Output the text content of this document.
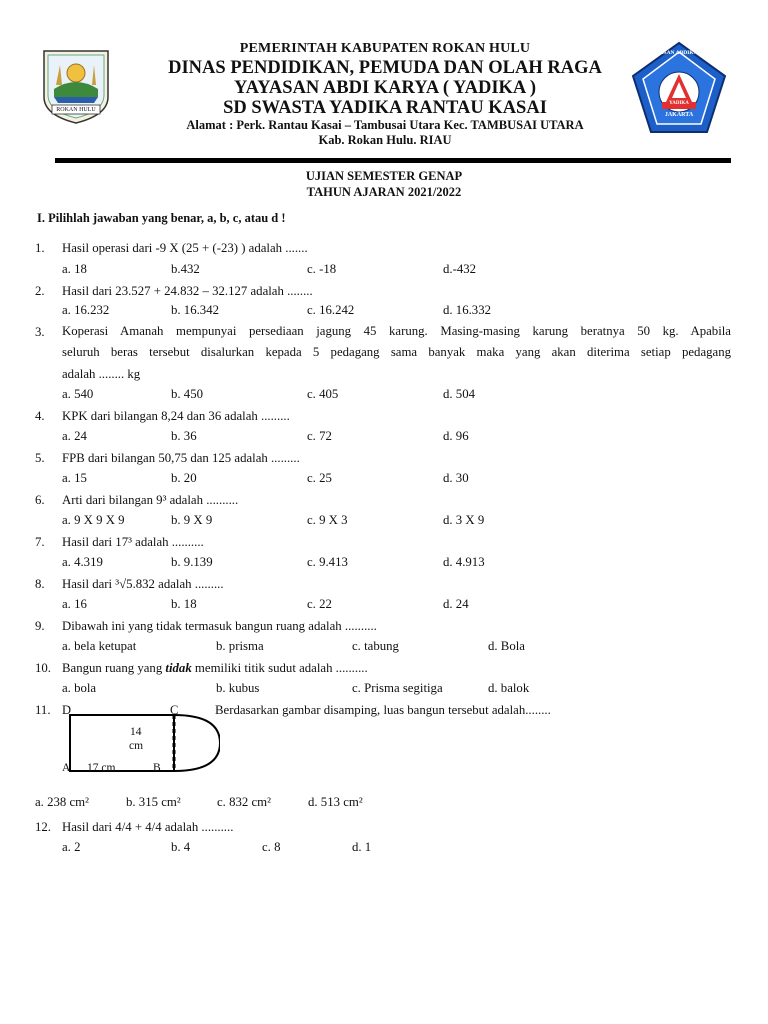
ROKAN HULU
YAYASAN ABDIKARYA
YADIKA
JAKARTA
PEMERINTAH KABUPATEN ROKAN HULU
DINAS PENDIDIKAN, PEMUDA DAN OLAH RAGA
YAYASAN ABDI KARYA ( YADIKA )
SD SWASTA YADIKA RANTAU KASAI
Alamat : Perk. Rantau Kasai – Tambusai Utara Kec. TAMBUSAI UTARA
Kab. Rokan Hulu. RIAU
UJIAN SEMESTER GENAP
TAHUN AJARAN 2021/2022
I. Pilihlah jawaban yang benar, a, b, c, atau d !
1. Hasil operasi dari -9 X (25 + (-23) ) adalah .......
a. 18	b.432	c. -18	d.-432
2. Hasil dari 23.527 + 24.832 – 32.127 adalah ........
a. 16.232	b. 16.342	c. 16.242	d. 16.332
3. Koperasi Amanah mempunyai persediaan jagung 45 karung. Masing-masing karung beratnya 50 kg. Apabila
seluruh beras tersebut disalurkan kepada 5 pedagang sama banyak maka yang akan diterima setiap pedagang
adalah ........ kg
a. 540	b. 450	c. 405	d. 504
4. KPK dari bilangan 8,24 dan 36 adalah .........
a. 24	b. 36	c. 72	d. 96
5. FPB dari bilangan 50,75 dan 125 adalah .........
a. 15	b. 20	c. 25	d. 30
6. Arti dari bilangan 9³ adalah ..........
a. 9 X 9 X 9	b. 9 X 9	c. 9 X 3	d. 3 X 9
7. Hasil dari 17³ adalah ..........
a. 4.319	b. 9.139	c. 9.413	d. 4.913
8. Hasil dari ³√5.832 adalah .........
a. 16	b. 18	c. 22	d. 24
9. Dibawah ini yang tidak termasuk bangun ruang adalah ..........
a. bela ketupat	b. prisma	c. tabung	d. Bola
10. Bangun ruang yang tidak memiliki titik sudut adalah ..........
a. bola	b. kubus	c. Prisma segitiga	d. balok
11.	Berdasarkan gambar disamping, luas bangun tersebut adalah........
D	C
A	B
14
cm
17 cm
a. 238 cm²	b. 315 cm²	c. 832 cm²	d. 513 cm²
12. Hasil dari 4/4 + 4/4 adalah ..........
a. 2	b. 4	c. 8	d. 1
